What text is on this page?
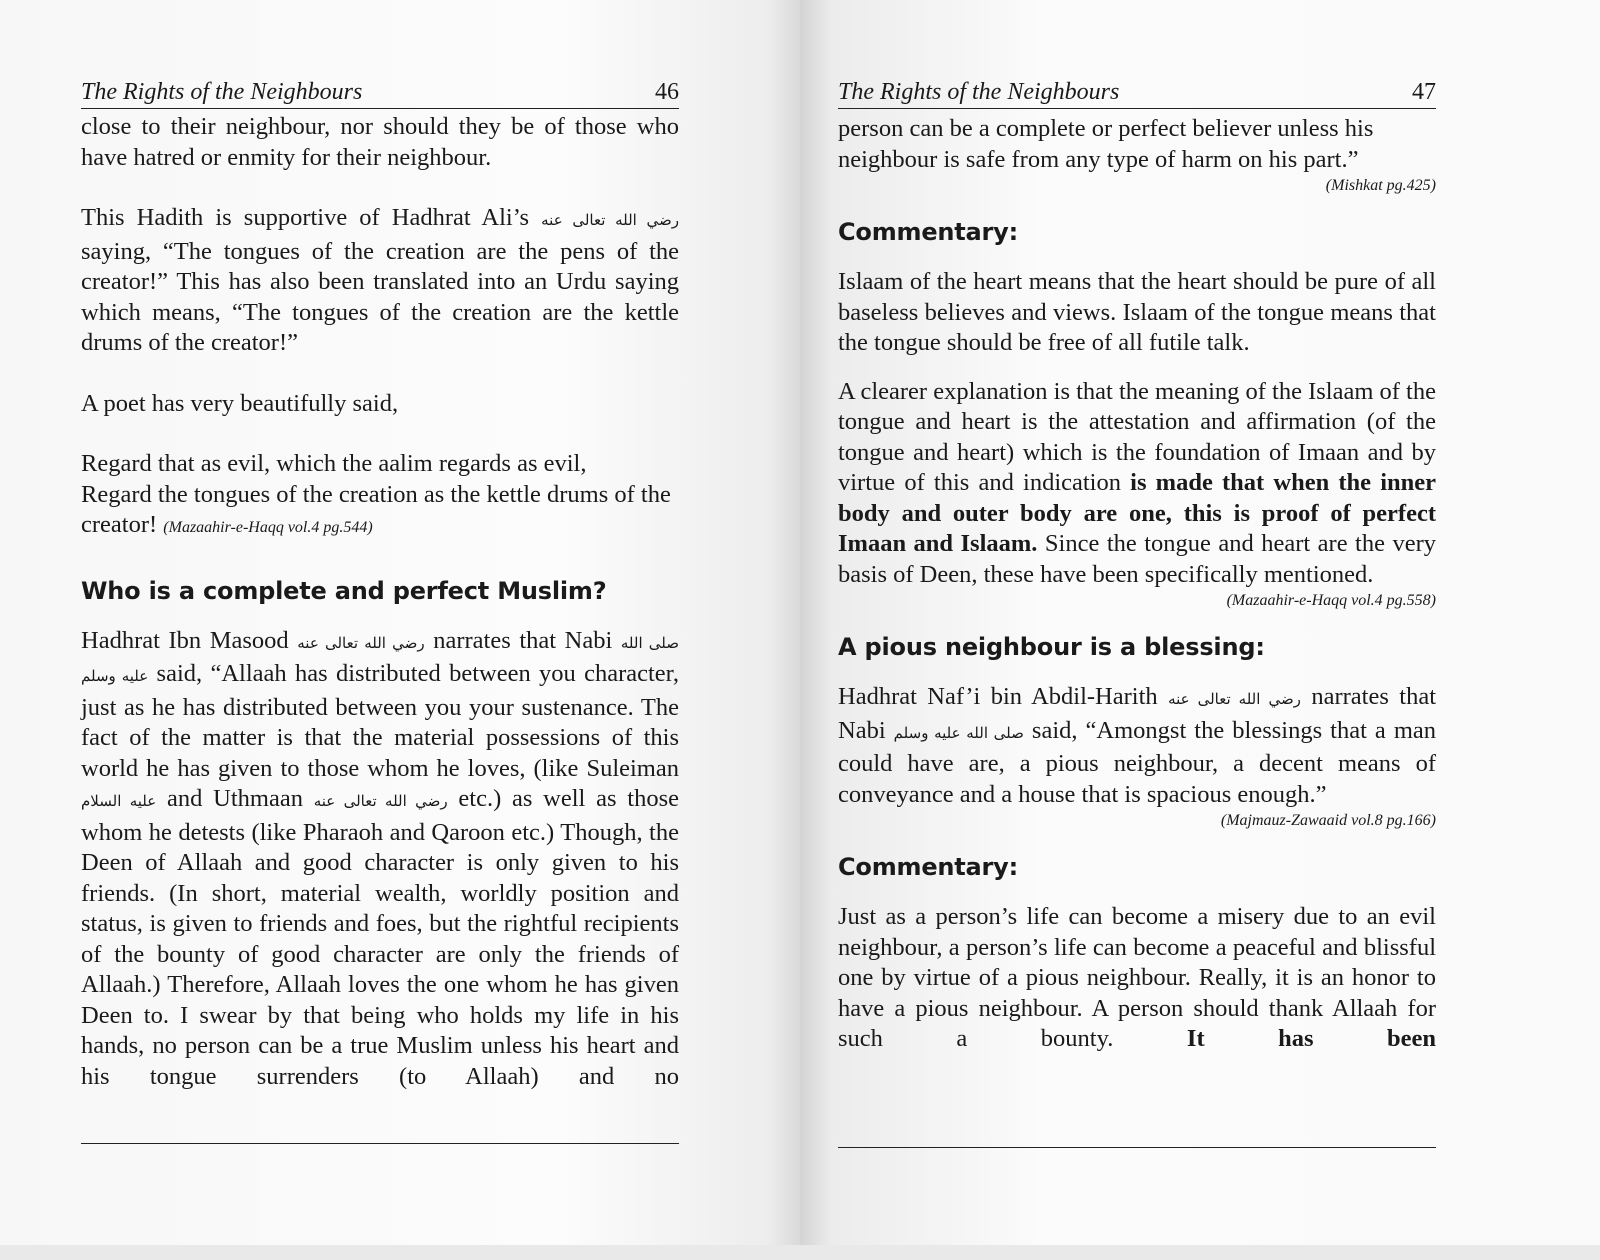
The Rights of the Neighbours	46

close to their neighbour, nor should they be of those who have hatred or enmity for their neighbour.

This Hadith is supportive of Hadhrat Ali’s رضي الله تعالى عنه saying, “The tongues of the creation are the pens of the creator!” This has also been translated into an Urdu saying which means, “The tongues of the creation are the kettle drums of the creator!”

A poet has very beautifully said,

Regard that as evil, which the aalim regards as evil,
Regard the tongues of the creation as the kettle drums of the creator! (Mazaahir-e-Haqq vol.4 pg.544)

Who is a complete and perfect Muslim?

Hadhrat Ibn Masood رضي الله تعالى عنه narrates that Nabi صلى الله عليه وسلم said, “Allaah has distributed between you character, just as he has distributed between you your sustenance. The fact of the matter is that the material possessions of this world he has given to those whom he loves, (like Suleiman عليه السلام and Uthmaan رضي الله تعالى عنه etc.) as well as those whom he detests (like Pharaoh and Qaroon etc.) Though, the Deen of Allaah and good character is only given to his friends. (In short, material wealth, worldly position and status, is given to friends and foes, but the rightful recipients of the bounty of good character are only the friends of Allaah.) Therefore, Allaah loves the one whom he has given Deen to. I swear by that being who holds my life in his hands, no person can be a true Muslim unless his heart and his tongue surrenders (to Allaah) and no

The Rights of the Neighbours	47

person can be a complete or perfect believer unless his neighbour is safe from any type of harm on his part.”

(Mishkat pg.425)
Commentary:

Islaam of the heart means that the heart should be pure of all baseless believes and views. Islaam of the tongue means that the tongue should be free of all futile talk.

A clearer explanation is that the meaning of the Islaam of the tongue and heart is the attestation and affirmation (of the tongue and heart) which is the foundation of Imaan and by virtue of this and indication is made that when the inner body and outer body are one, this is proof of perfect Imaan and Islaam. Since the tongue and heart are the very basis of Deen, these have been specifically mentioned.

(Mazaahir-e-Haqq vol.4 pg.558)
A pious neighbour is a blessing:

Hadhrat Naf’i bin Abdil-Harith رضي الله تعالى عنه narrates that Nabi صلى الله عليه وسلم said, “Amongst the blessings that a man could have are, a pious neighbour, a decent means of conveyance and a house that is spacious enough.”

(Majmauz-Zawaaid vol.8 pg.166)
Commentary:

Just as a person’s life can become a misery due to an evil neighbour, a person’s life can become a peaceful and blissful one by virtue of a pious neighbour. Really, it is an honor to have a pious neighbour. A person should thank Allaah for such a bounty.	It has been
